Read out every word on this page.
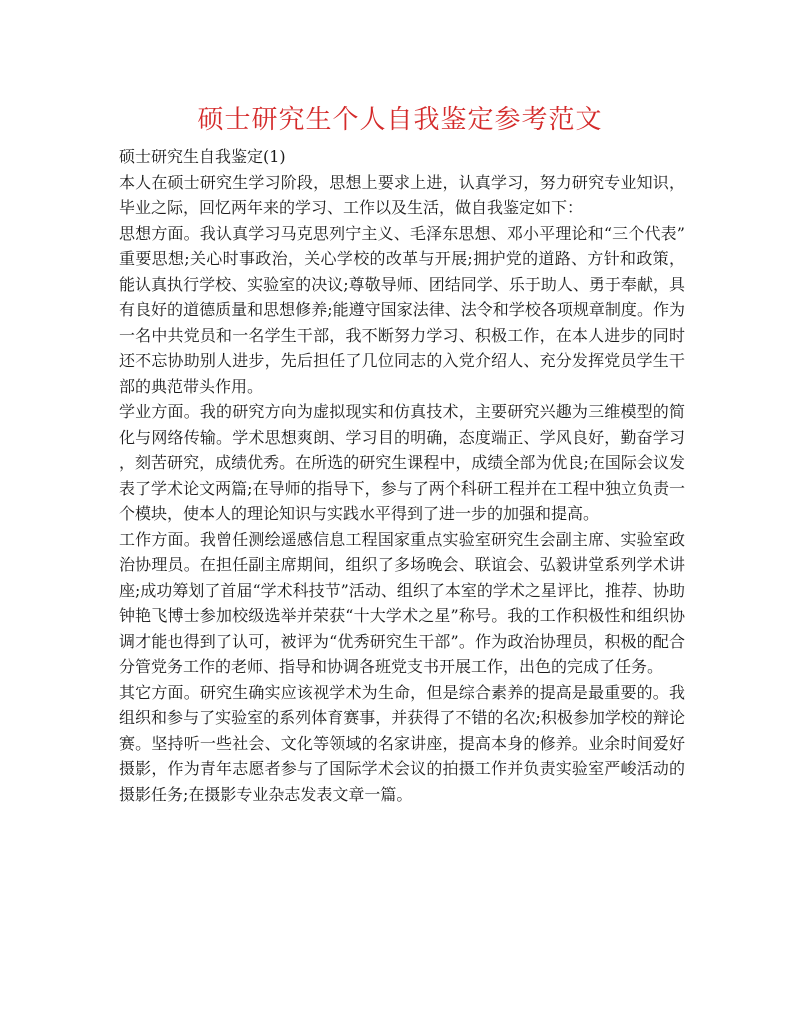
硕士研究生个人自我鉴定参考范文

硕士研究生自我鉴定(1)

本人在硕士研究生学习阶段，思想上要求上进，认真学习，努力研究专业知识，毕业之际，回忆两年来的学习、工作以及生活，做自我鉴定如下：

思想方面。我认真学习马克思列宁主义、毛泽东思想、邓小平理论和“三个代表”重要思想;关心时事政治，关心学校的改革与开展;拥护党的道路、方针和政策，能认真执行学校、实验室的决议;尊敬导师、团结同学、乐于助人、勇于奉献，具有良好的道德质量和思想修养;能遵守国家法律、法令和学校各项规章制度。作为一名中共党员和一名学生干部，我不断努力学习、积极工作，在本人进步的同时还不忘协助别人进步，先后担任了几位同志的入党介绍人、充分发挥党员学生干部的典范带头作用。

学业方面。我的研究方向为虚拟现实和仿真技术，主要研究兴趣为三维模型的简化与网络传输。学术思想爽朗、学习目的明确，态度端正、学风良好，勤奋学习，刻苦研究，成绩优秀。在所选的研究生课程中，成绩全部为优良;在国际会议发表了学术论文两篇;在导师的指导下，参与了两个科研工程并在工程中独立负责一个模块，使本人的理论知识与实践水平得到了进一步的加强和提高。

工作方面。我曾任测绘遥感信息工程国家重点实验室研究生会副主席、实验室政治协理员。在担任副主席期间，组织了多场晚会、联谊会、弘毅讲堂系列学术讲座;成功筹划了首届“学术科技节”活动、组织了本室的学术之星评比，推荐、协助钟艳飞博士参加校级选举并荣获“十大学术之星”称号。我的工作积极性和组织协调才能也得到了认可，被评为“优秀研究生干部”。作为政治协理员，积极的配合分管党务工作的老师、指导和协调各班党支书开展工作，出色的完成了任务。

其它方面。研究生确实应该视学术为生命，但是综合素养的提高是最重要的。我组织和参与了实验室的系列体育赛事，并获得了不错的名次;积极参加学校的辩论赛。坚持听一些社会、文化等领域的名家讲座，提高本身的修养。业余时间爱好摄影，作为青年志愿者参与了国际学术会议的拍摄工作并负责实验室严峻活动的摄影任务;在摄影专业杂志发表文章一篇。
